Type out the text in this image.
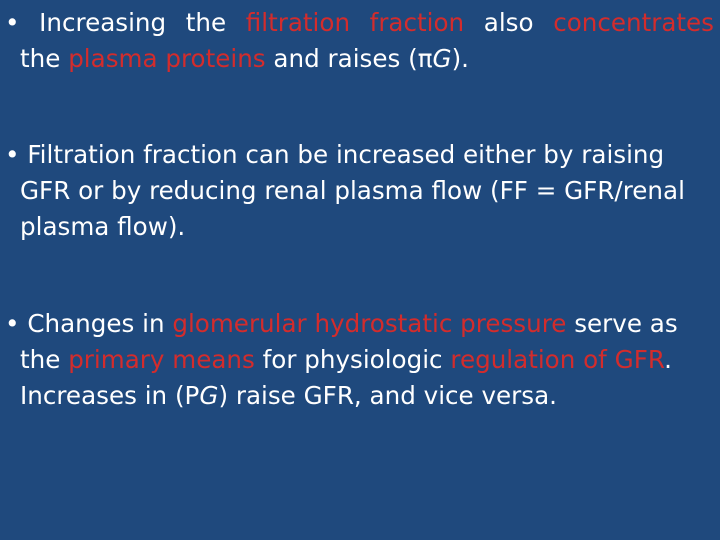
• Increasing the filtration fraction also concentrates
the plasma proteins and raises (πG).

• Filtration fraction can be increased either by raising
GFR or by reducing renal plasma flow (FF = GFR/renal
plasma flow).

• Changes in glomerular hydrostatic pressure serve as
the primary means for physiologic regulation of GFR.
Increases in (PG) raise GFR, and vice versa.
